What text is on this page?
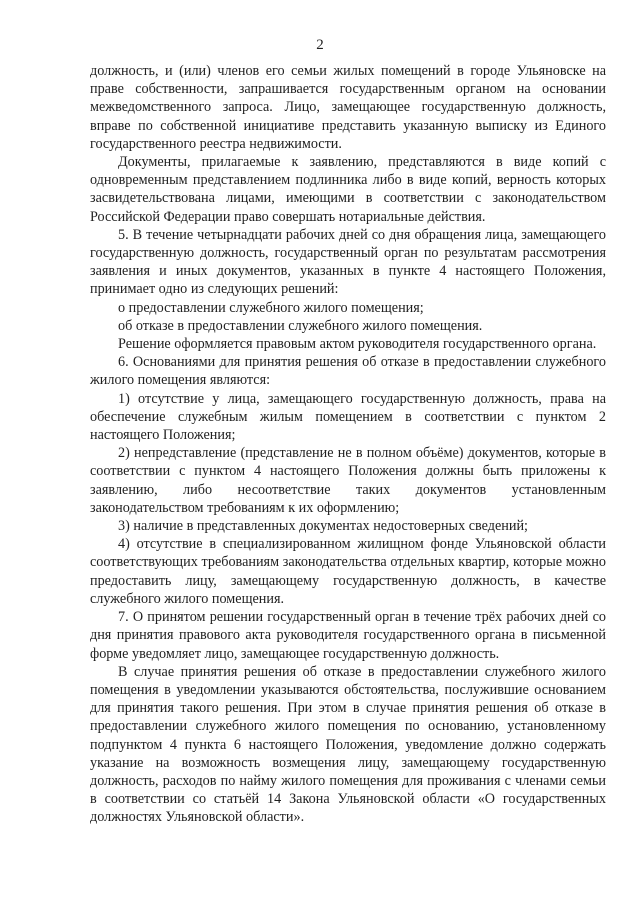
2

должность, и (или) членов его семьи жилых помещений в городе Ульяновске на праве собственности, запрашивается государственным органом на основании межведомственного запроса. Лицо, замещающее государственную должность, вправе по собственной инициативе представить указанную выписку из Единого государственного реестра недвижимости.

Документы, прилагаемые к заявлению, представляются в виде копий с одновременным представлением подлинника либо в виде копий, верность которых засвидетельствована лицами, имеющими в соответствии с законодательством Российской Федерации право совершать нотариальные действия.

5. В течение четырнадцати рабочих дней со дня обращения лица, замещающего государственную должность, государственный орган по результатам рассмотрения заявления и иных документов, указанных в пункте 4 настоящего Положения, принимает одно из следующих решений:

о предоставлении служебного жилого помещения;

об отказе в предоставлении служебного жилого помещения.

Решение оформляется правовым актом руководителя государственного органа.

6. Основаниями для принятия решения об отказе в предоставлении служебного жилого помещения являются:

1) отсутствие у лица, замещающего государственную должность, права на обеспечение служебным жилым помещением в соответствии с пунктом 2 настоящего Положения;

2) непредставление (представление не в полном объёме) документов, которые в соответствии с пунктом 4 настоящего Положения должны быть приложены к заявлению, либо несоответствие таких документов установленным законодательством требованиям к их оформлению;

3) наличие в представленных документах недостоверных сведений;

4) отсутствие в специализированном жилищном фонде Ульяновской области соответствующих требованиям законодательства отдельных квартир, которые можно предоставить лицу, замещающему государственную должность, в качестве служебного жилого помещения.

7. О принятом решении государственный орган в течение трёх рабочих дней со дня принятия правового акта руководителя государственного органа в письменной форме уведомляет лицо, замещающее государственную должность.

В случае принятия решения об отказе в предоставлении служебного жилого помещения в уведомлении указываются обстоятельства, послужившие основанием для принятия такого решения. При этом в случае принятия решения об отказе в предоставлении служебного жилого помещения по основанию, установленному подпунктом 4 пункта 6 настоящего Положения, уведомление должно содержать указание на возможность возмещения лицу, замещающему государственную должность, расходов по найму жилого помещения для проживания с членами семьи в соответствии со статьёй 14 Закона Ульяновской области «О государственных должностях Ульяновской области».
